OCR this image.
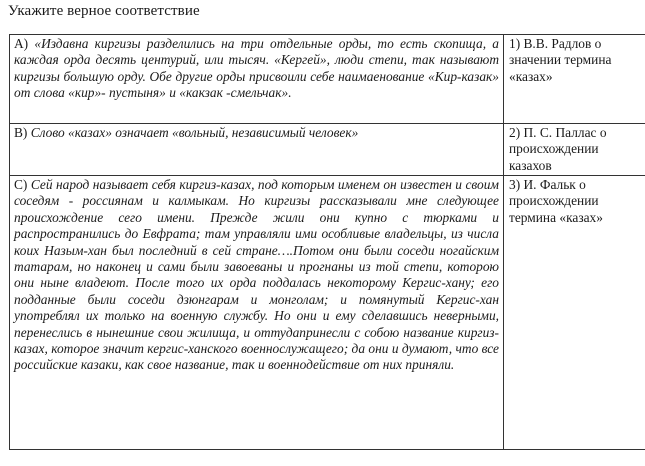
Укажите верное соответствие
А) «Издавна киргизы разделились на три отдельные орды, то есть скопища, а каждая орда десять центурий, или тысяч. «Кергей», люди степи, так называют киргизы большую орду. Обе другие орды присвоили себе наимаенование «Кир-казак» от слова «кир»- пустыня» и «какзак -смельчак».	1) В.В. Радлов о значении термина «казах»
В) Слово «казах» означает «вольный, независимый человек»	2) П. С. Паллас о происхождении казахов
С) Сей народ называет себя киргиз-казах, под которым именем он известен и своим соседям - россиянам и калмыкам. Но киргизы рассказывали мне следующее происхождение сего имени. Прежде жили они купно с тюрками и распространились до Евфрата; там управляли ими особливые владельцы, из числа коих Назым-хан был последний в сей стране….Потом они были соседи ногайским татарам, но наконец и сами были завоеваны и прогнаны из той степи, которою они ныне владеют. После того их орда поддалась некоторому Кергис-хану; его подданные были соседи дзюнгарам и монголам; и помянутый Кергис-хан употреблял их только на военную службу. Но они и ему сделавшись неверными, перенеслись в нынешние свои жилища, и оттудапринесли с собою название киргиз-казах, которое значит кергис-ханского военнослужащего; да они и думают, что все российские казаки, как свое название, так и военнодействие от них приняли.	3) И. Фальк о происхождении термина «казах»
